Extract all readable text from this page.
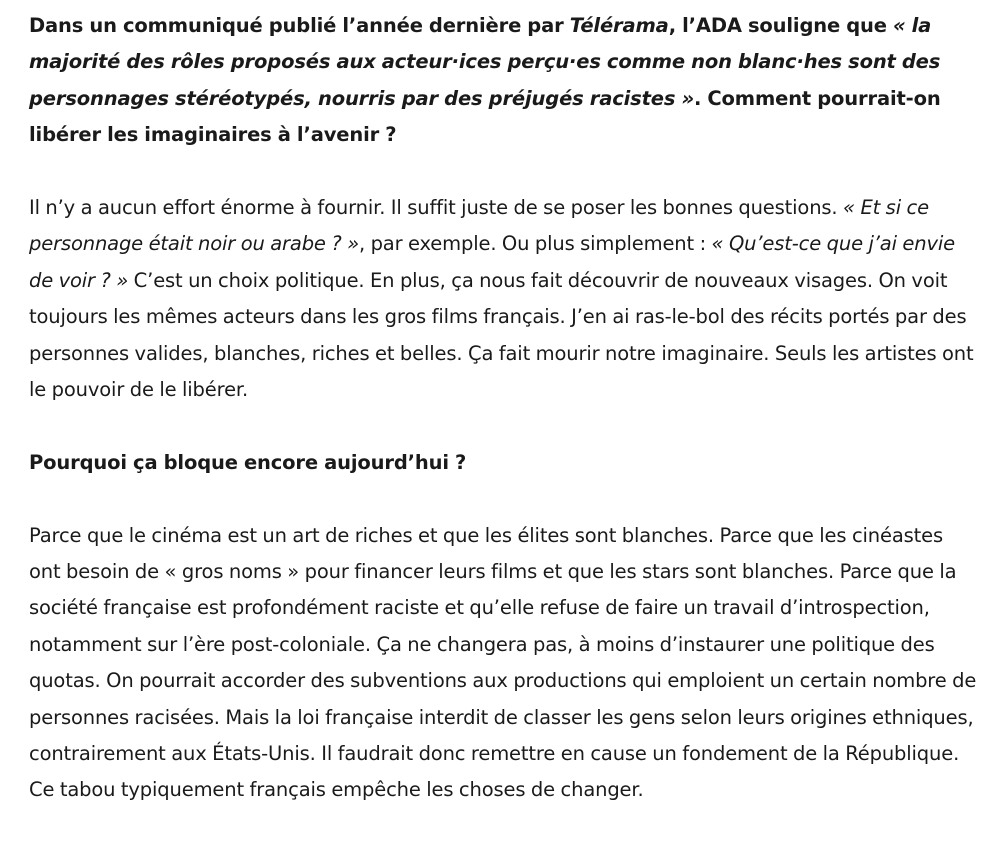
Dans un communiqué publié l’année dernière par Télérama, l’ADA souligne que « la majorité des rôles proposés aux acteur·ices perçu·es comme non blanc·hes sont des personnages stéréotypés, nourris par des préjugés racistes ». Comment pourrait-on libérer les imaginaires à l’avenir ?

Il n’y a aucun effort énorme à fournir. Il suffit juste de se poser les bonnes questions. « Et si ce personnage était noir ou arabe ? », par exemple. Ou plus simplement : « Qu’est-ce que j’ai envie de voir ? » C’est un choix politique. En plus, ça nous fait découvrir de nouveaux visages. On voit toujours les mêmes acteurs dans les gros films français. J’en ai ras-le-bol des récits portés par des personnes valides, blanches, riches et belles. Ça fait mourir notre imaginaire. Seuls les artistes ont le pouvoir de le libérer.

Pourquoi ça bloque encore aujourd’hui ?

Parce que le cinéma est un art de riches et que les élites sont blanches. Parce que les cinéastes ont besoin de « gros noms » pour financer leurs films et que les stars sont blanches. Parce que la société française est profondément raciste et qu’elle refuse de faire un travail d’introspection, notamment sur l’ère post-coloniale. Ça ne changera pas, à moins d’instaurer une politique des quotas. On pourrait accorder des subventions aux productions qui emploient un certain nombre de personnes racisées. Mais la loi française interdit de classer les gens selon leurs origines ethniques, contrairement aux États-Unis. Il faudrait donc remettre en cause un fondement de la République. Ce tabou typiquement français empêche les choses de changer.
